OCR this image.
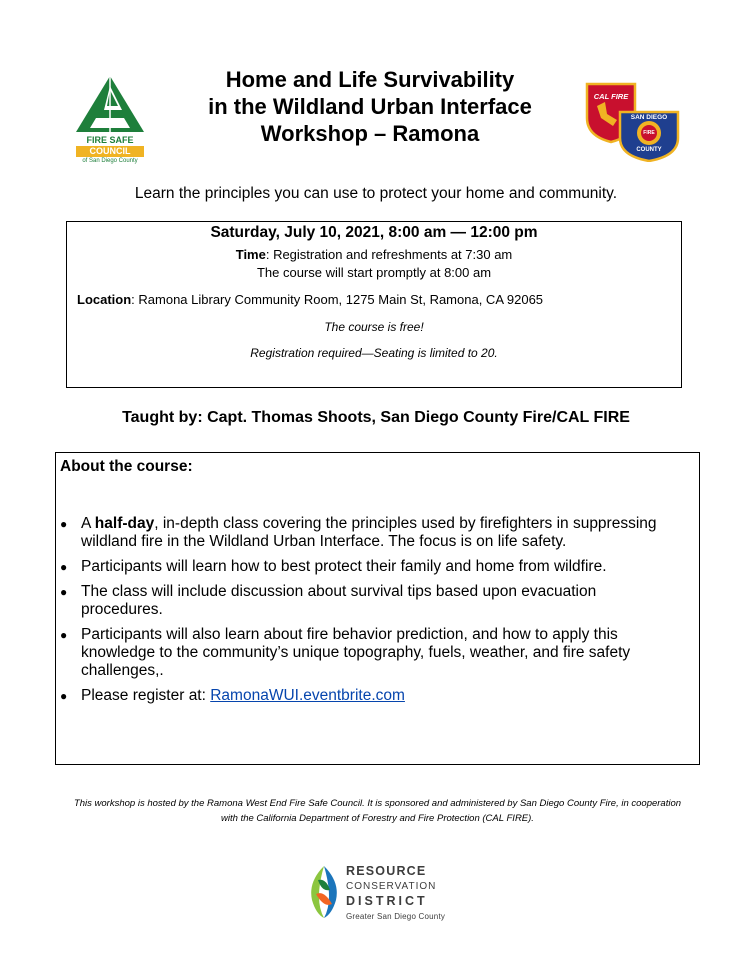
FIRE SAFE
COUNCIL
of San Diego County
Home and Life Survivability
in the Wildland Urban Interface
Workshop – Ramona
CAL FIRE
SAN DIEGO
FIRE
COUNTY
Learn the principles you can use to protect your home and community.
Saturday, July 10, 2021, 8:00 am — 12:00 pm
Time: Registration and refreshments at 7:30 am
The course will start promptly at 8:00 am
Location: Ramona Library Community Room, 1275 Main St, Ramona, CA 92065
The course is free!
Registration required—Seating is limited to 20.
Taught by: Capt. Thomas Shoots, San Diego County Fire/CAL FIRE
About the course:
● A half-day, in-depth class covering the principles used by firefighters in suppressing wildland fire in the Wildland Urban Interface. The focus is on life safety.
● Participants will learn how to best protect their family and home from wildfire.
● The class will include discussion about survival tips based upon evacuation procedures.
● Participants will also learn about fire behavior prediction, and how to apply this knowledge to the community’s unique topography, fuels, weather, and fire safety challenges,.
● Please register at: RamonaWUI.eventbrite.com
This workshop is hosted by the Ramona West End Fire Safe Council. It is sponsored and administered by San Diego County Fire, in cooperation with the California Department of Forestry and Fire Protection (CAL FIRE).
RESOURCE
CONSERVATION
DISTRICT
Greater San Diego County
